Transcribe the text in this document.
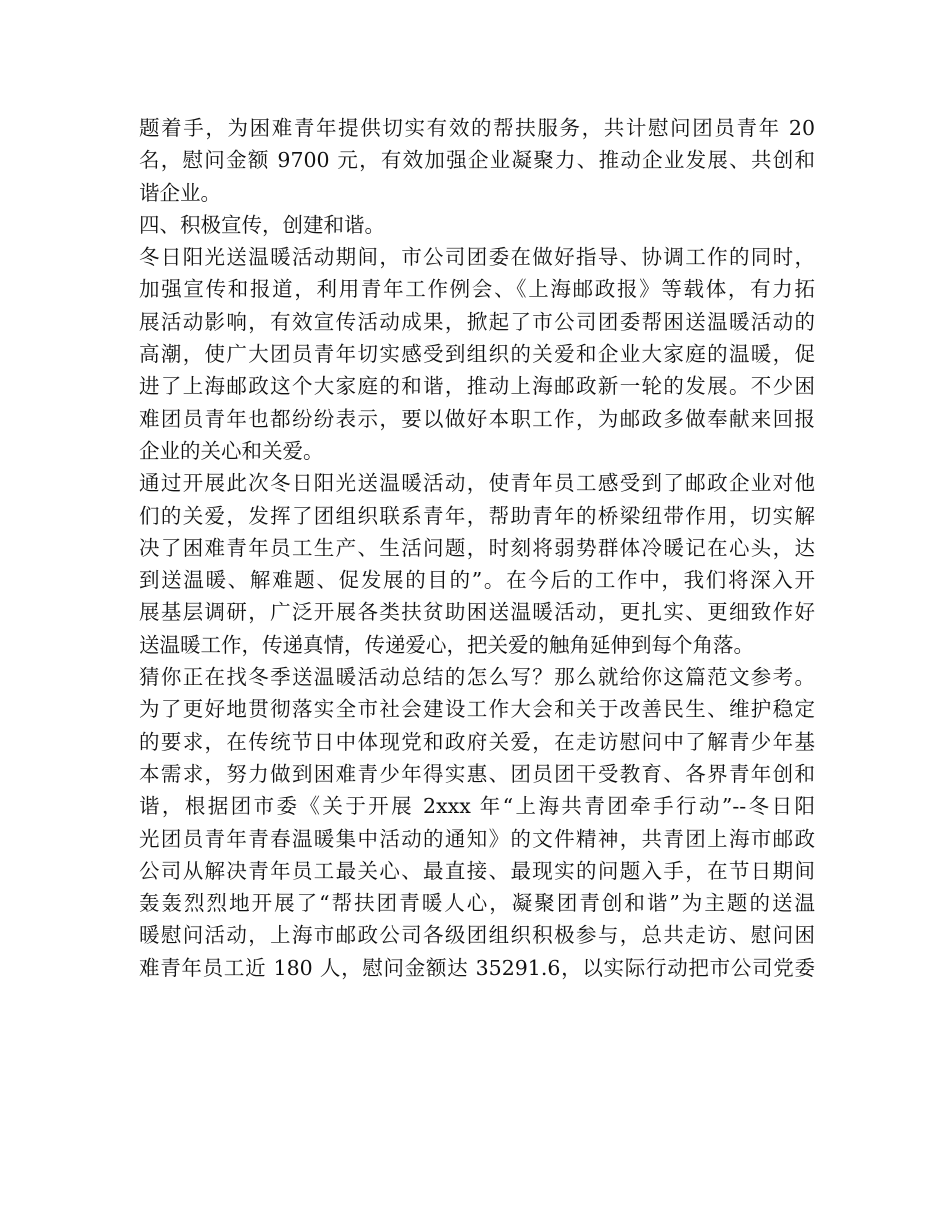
题着手，为困难青年提供切实有效的帮扶服务，共计慰问团员青年 20
名，慰问金额 9700 元，有效加强企业凝聚力、推动企业发展、共创和
谐企业。
四、积极宣传，创建和谐。
冬日阳光送温暖活动期间，市公司团委在做好指导、协调工作的同时，
加强宣传和报道，利用青年工作例会、《上海邮政报》等载体，有力拓
展活动影响，有效宣传活动成果，掀起了市公司团委帮困送温暖活动的
高潮，使广大团员青年切实感受到组织的关爱和企业大家庭的温暖，促
进了上海邮政这个大家庭的和谐，推动上海邮政新一轮的发展。不少困
难团员青年也都纷纷表示，要以做好本职工作，为邮政多做奉献来回报
企业的关心和关爱。
通过开展此次冬日阳光送温暖活动，使青年员工感受到了邮政企业对他
们的关爱，发挥了团组织联系青年，帮助青年的桥梁纽带作用，切实解
决了困难青年员工生产、生活问题，时刻将弱势群体冷暖记在心头，达
到送温暖、解难题、促发展的目的”。在今后的工作中，我们将深入开
展基层调研，广泛开展各类扶贫助困送温暖活动，更扎实、更细致作好
送温暖工作，传递真情，传递爱心，把关爱的触角延伸到每个角落。
猜你正在找冬季送温暖活动总结的怎么写？那么就给你这篇范文参考。
为了更好地贯彻落实全市社会建设工作大会和关于改善民生、维护稳定
的要求，在传统节日中体现党和政府关爱，在走访慰问中了解青少年基
本需求，努力做到困难青少年得实惠、团员团干受教育、各界青年创和
谐，根据团市委《关于开展 2xxx 年“上海共青团牵手行动”--冬日阳
光团员青年青春温暖集中活动的通知》的文件精神，共青团上海市邮政
公司从解决青年员工最关心、最直接、最现实的问题入手，在节日期间
轰轰烈烈地开展了“帮扶团青暖人心，凝聚团青创和谐”为主题的送温
暖慰问活动，上海市邮政公司各级团组织积极参与，总共走访、慰问困
难青年员工近 180 人，慰问金额达 35291.6，以实际行动把市公司党委
